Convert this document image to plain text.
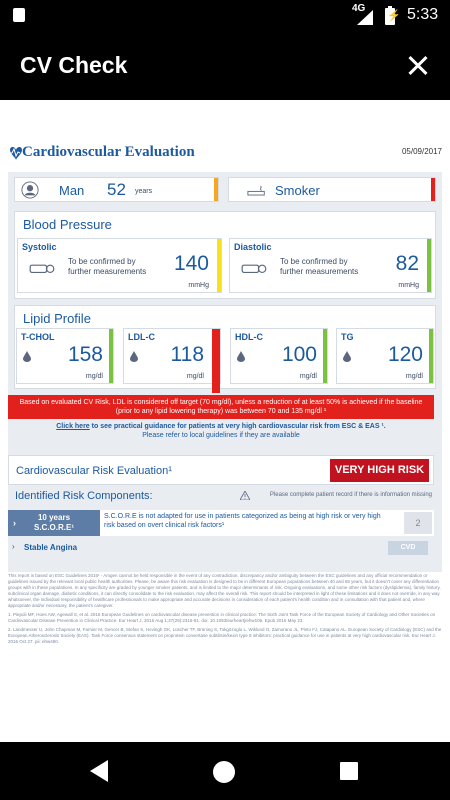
4G
⚡ 5:33
CV Check
Cardiovascular Evaluation	05/09/2017
Man 52 years	Smoker
Blood Pressure
Systolic
To be confirmed by further measurements	140
mmHg
Diastolic
To be confirmed by further measurements	82
mmHg
Lipid Profile
T-CHOL
158
mg/dl
LDL-C
118
mg/dl
HDL-C
100
mg/dl
TG
120
mg/dl
Based on evaluated CV Risk, LDL is considered off target (70 mg/dl), unless a reduction of at least 50% is achieved if the baseline
(prior to any lipid lowering therapy) was between 70 and 135 mg/dl ¹
Click here to see practical guidance for patients at very high cardiovascular risk from ESC & EAS ¹.
Please refer to local guidelines if they are available
Cardiovascular Risk Evaluation¹	VERY HIGH RISK
Identified Risk Components:	Please complete patient record if there is information missing
›
10 years
S.C.O.R.E¹
S.C.O.R.E is not adapted for use in patients categorized as being at high risk or very high risk based on overt clinical risk factors¹	2
› Stable Angina	CVD

This report is based on ESC Guidelines 2016¹ - Amgen cannot be held responsible in the event of any contradiction, discrepancy and/or ambiguity between the ESC guidelines and any official recommendation or guidelines issued by the relevant local public health authorities. Please, be aware this risk evaluation is designed to be in different European populations between 40 and 65 years, but it doesn't cover any differentiation groups with in these populations. In any specificity are graded by younger smoker patients, and is limited to the major determinants of risk. Ongoing evaluations, and some other risk factors (dyslipidemia), family history, subclinical organ damage, diabetic conditions, it can directly consolidate to the risk evaluation, may affect the overall risk. This report should be interpreted in light of these limitations and it does not override, in any way whatsoever, the individual responsibility of healthcare professionals to make appropriate and accurate decisions in consideration of each patient's health condition and in consultation with that patient and, where appropriate and/or necessary, the patient's caregiver.

1. Piepoli MF, Hoes AW, Agewall S, et al. 2016 European Guidelines on cardiovascular disease prevention in clinical practice: The Sixth Joint Task Force of the European Society of Cardiology and Other Societies on Cardiovascular Disease Prevention in Clinical Practice. Eur Heart J. 2016 Aug 1;37(29):2315-81. doi: 10.1093/eurheartj/ehw106. Epub 2016 May 23.

2. Landmesser U, John Chapman M, Farnier M, Gencer B, Stefan S, Hovingh GK, Lüscher TF, Brüning S, Tokgözoglu L, Wiklund O, Zamorano JL, Pinto FJ, Catapano AL. European Society of Cardiology (ESC) and the European Atherosclerosis Society (EAS). Task Force consensus statement on proprotein convertase subtilisin/kexin type 9 inhibitors: practical guidance for use in patients at very high cardiovascular risk. Eur Heart J. 2016 Oct 27. pii: ehw480.
